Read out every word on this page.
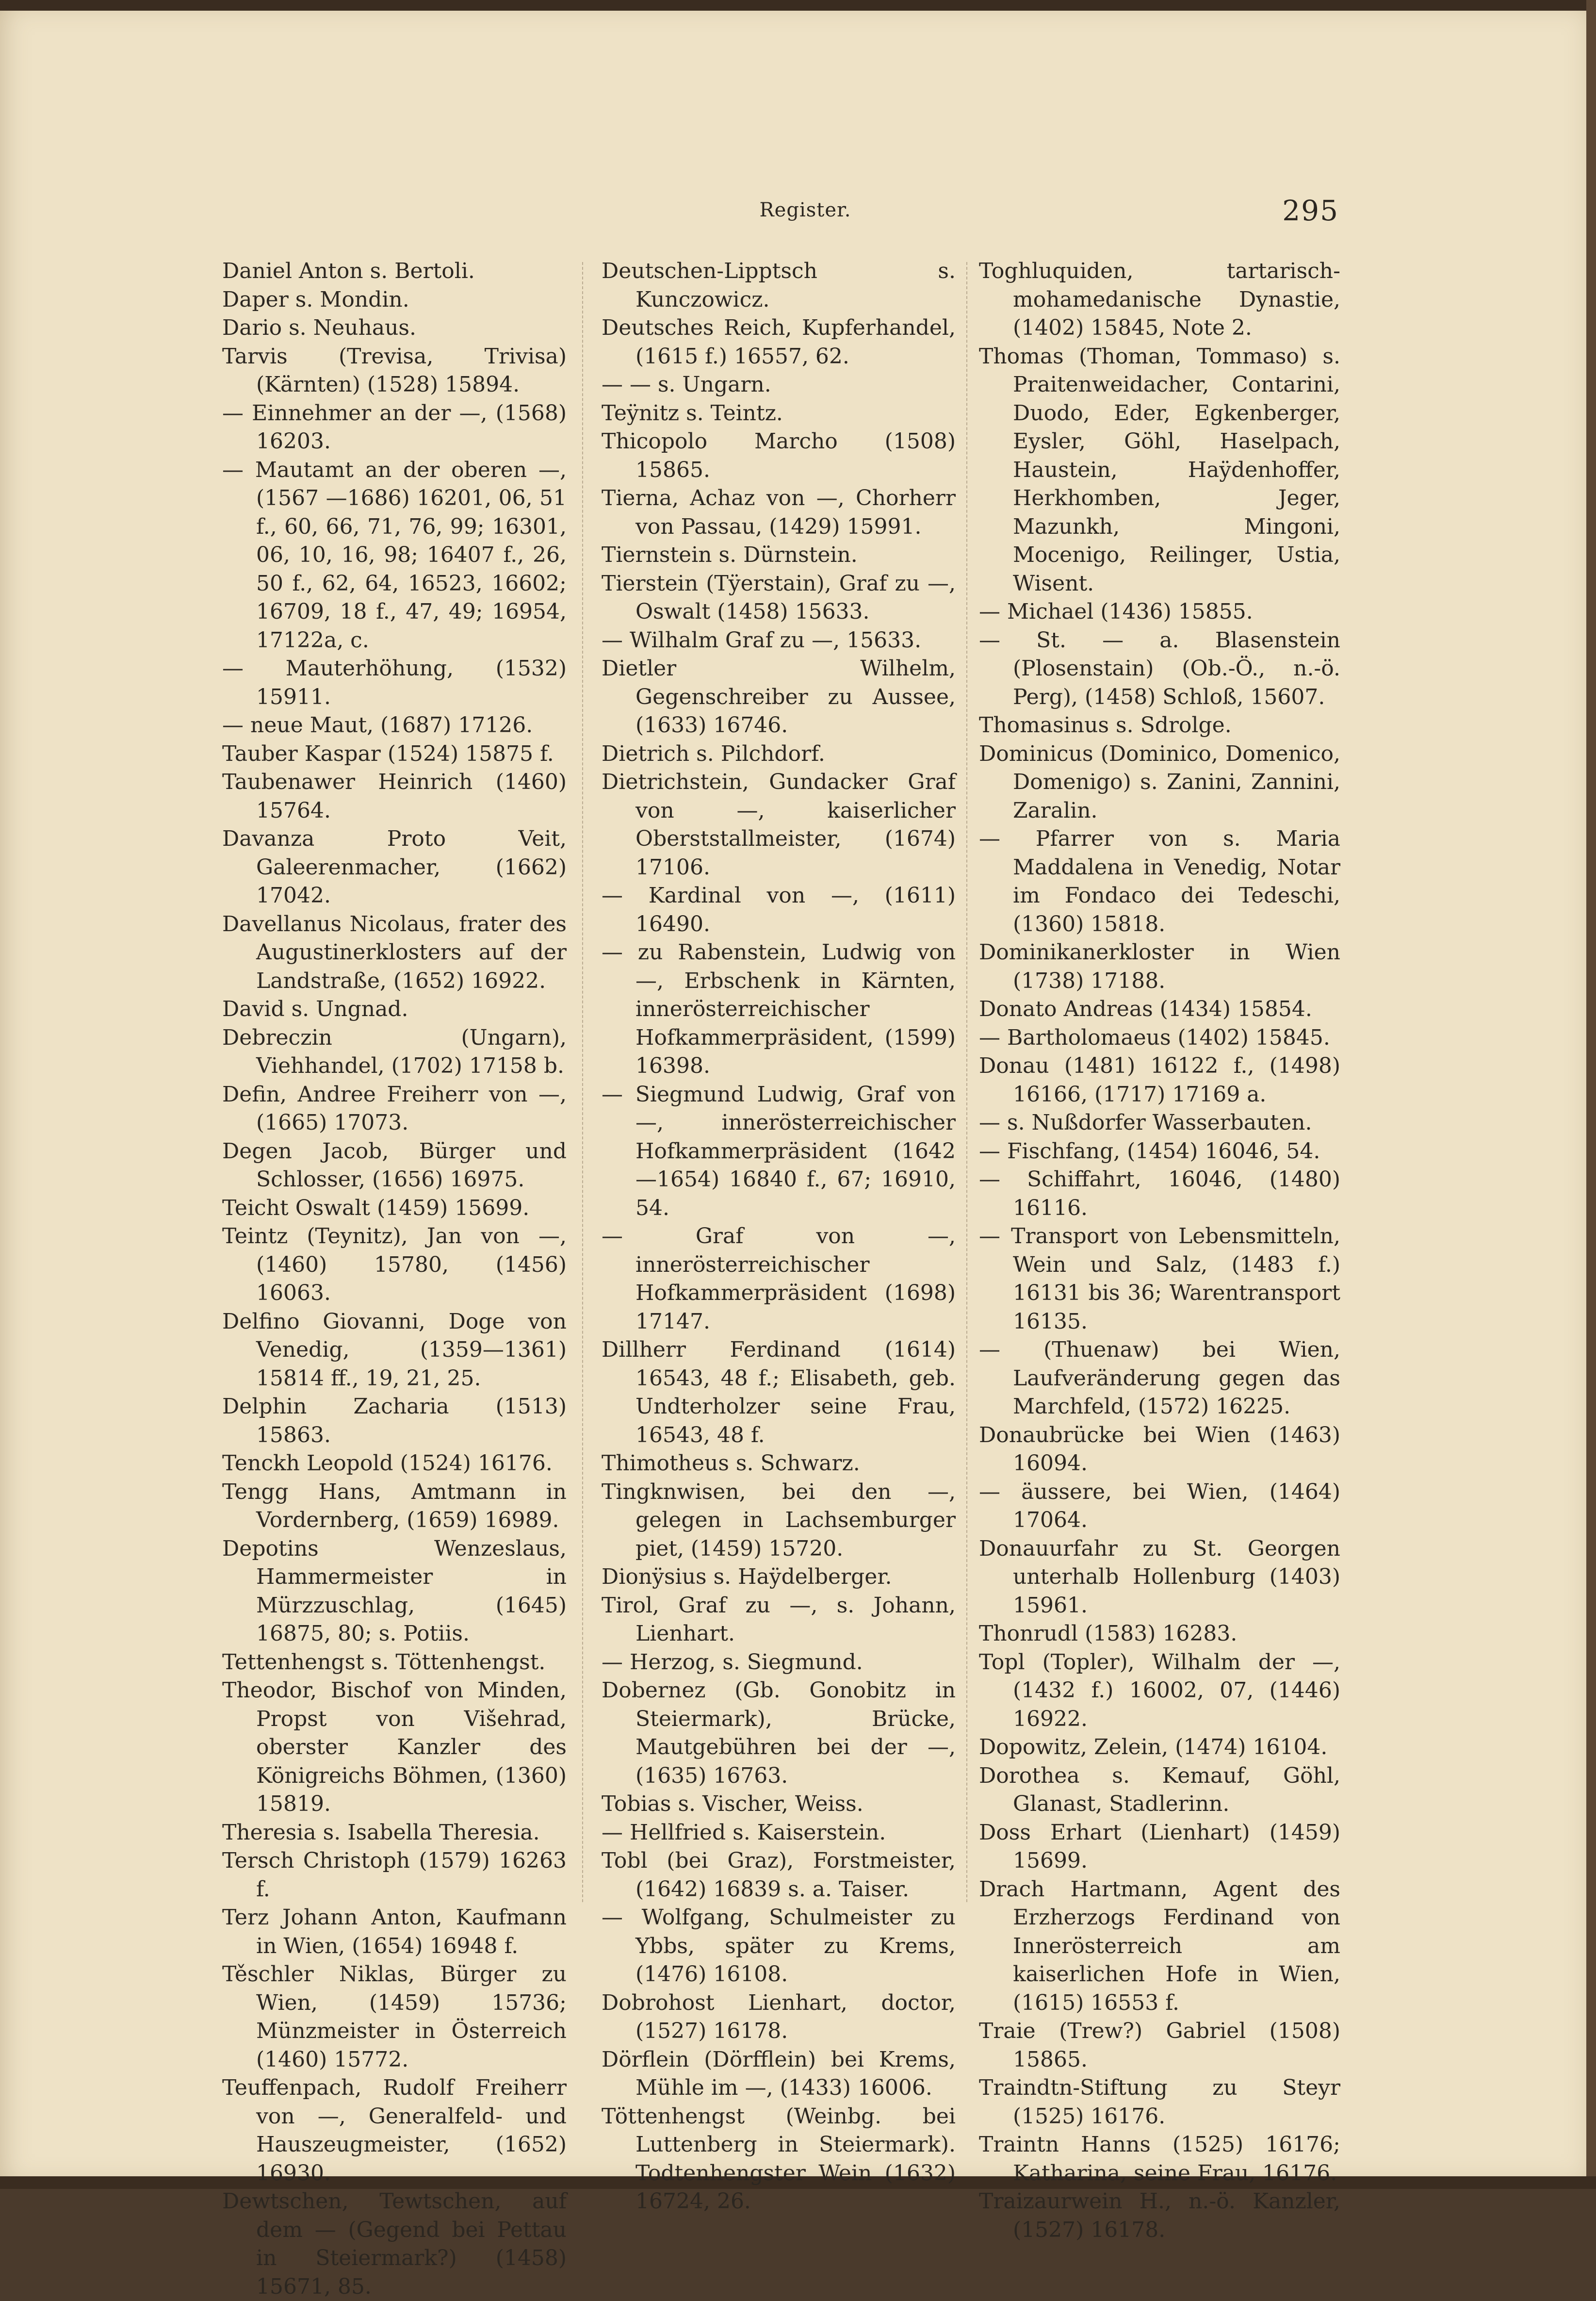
Register.	295

Daniel Anton s. Bertoli.

Daper s. Mondin.

Dario s. Neuhaus.

Tarvis (Trevisa, Trivisa) (Kärnten) (1528) 15894.

— Einnehmer an der —, (1568) 16203.

— Mautamt an der oberen —, (1567 —1686) 16201, 06, 51 f., 60, 66, 71, 76, 99; 16301, 06, 10, 16, 98; 16407 f., 26, 50 f., 62, 64, 16523, 16602; 16709, 18 f., 47, 49; 16954, 17122a, c.

— Mauterhöhung, (1532) 15911.

— neue Maut, (1687) 17126.

Tauber Kaspar (1524) 15875 f.

Taubenawer Heinrich (1460) 15764.

Davanza Proto Veit, Galeerenmacher, (1662) 17042.

Davellanus Nicolaus, frater des Augustinerklosters auf der Landstraße, (1652) 16922.

David s. Ungnad.

Debreczin (Ungarn), Viehhandel, (1702) 17158 b.

Defin, Andree Freiherr von —, (1665) 17073.

Degen Jacob, Bürger und Schlosser, (1656) 16975.

Teicht Oswalt (1459) 15699.

Teintz (Teynitz), Jan von —, (1460) 15780, (1456) 16063.

Delfino Giovanni, Doge von Venedig, (1359—1361) 15814 ff., 19, 21, 25.

Delphin Zacharia (1513) 15863.

Tenckh Leopold (1524) 16176.

Tengg Hans, Amtmann in Vordernberg, (1659) 16989.

Depotins Wenzeslaus, Hammermeister in Mürzzuschlag, (1645) 16875, 80; s. Potiis.

Tettenhengst s. Töttenhengst.

Theodor, Bischof von Minden, Propst von Višehrad, oberster Kanzler des Königreichs Böhmen, (1360) 15819.

Theresia s. Isabella Theresia.

Tersch Christoph (1579) 16263 f.

Terz Johann Anton, Kaufmann in Wien, (1654) 16948 f.

Těschler Niklas, Bürger zu Wien, (1459) 15736; Münzmeister in Österreich (1460) 15772.

Teuffenpach, Rudolf Freiherr von —, Generalfeld- und Hauszeugmeister, (1652) 16930.

Dewtschen, Tewtschen, auf dem — (Gegend bei Pettau in Steiermark?) (1458) 15671, 85.

Deutschen-Lipptsch s. Kunczowicz.

Deutsches Reich, Kupferhandel, (1615 f.) 16557, 62.

— — s. Ungarn.

Teÿnitz s. Teintz.

Thicopolo Marcho (1508) 15865.

Tierna, Achaz von —, Chorherr von Passau, (1429) 15991.

Tiernstein s. Dürnstein.

Tierstein (Tÿerstain), Graf zu —, Oswalt (1458) 15633.

— Wilhalm Graf zu —, 15633.

Dietler Wilhelm, Gegenschreiber zu Aussee, (1633) 16746.

Dietrich s. Pilchdorf.

Dietrichstein, Gundacker Graf von —, kaiserlicher Oberststallmeister, (1674) 17106.

— Kardinal von —, (1611) 16490.

— zu Rabenstein, Ludwig von —, Erbschenk in Kärnten, innerösterreichischer Hofkammerpräsident, (1599) 16398.

— Siegmund Ludwig, Graf von —, innerösterreichischer Hofkammerpräsident (1642—1654) 16840 f., 67; 16910, 54.

— Graf von —, innerösterreichischer Hofkammerpräsident (1698) 17147.

Dillherr Ferdinand (1614) 16543, 48 f.; Elisabeth, geb. Undterholzer seine Frau, 16543, 48 f.

Thimotheus s. Schwarz.

Tingknwisen, bei den —, gelegen in Lachsemburger piet, (1459) 15720.

Dionÿsius s. Haÿdelberger.

Tirol, Graf zu —, s. Johann, Lienhart.

— Herzog, s. Siegmund.

Dobernez (Gb. Gonobitz in Steiermark), Brücke, Mautgebühren bei der —, (1635) 16763.

Tobias s. Vischer, Weiss.

— Hellfried s. Kaiserstein.

Tobl (bei Graz), Forstmeister, (1642) 16839 s. a. Taiser.

— Wolfgang, Schulmeister zu Ybbs, später zu Krems, (1476) 16108.

Dobrohost Lienhart, doctor, (1527) 16178.

Dörflein (Dörfflein) bei Krems, Mühle im —, (1433) 16006.

Töttenhengst (Weinbg. bei Luttenberg in Steiermark). Todtenhengster Wein (1632) 16724, 26.

Toghluquiden, tartarisch-mohamedanische Dynastie, (1402) 15845, Note 2.

Thomas (Thoman, Tommaso) s. Praitenweidacher, Contarini, Duodo, Eder, Egkenberger, Eysler, Göhl, Haselpach, Haustein, Haÿdenhoffer, Herkhomben, Jeger, Mazunkh, Mingoni, Mocenigo, Reilinger, Ustia, Wisent.

— Michael (1436) 15855.

— St. — a. Blasenstein (Plosenstain) (Ob.-Ö., n.-ö. Perg), (1458) Schloß, 15607.

Thomasinus s. Sdrolge.

Dominicus (Dominico, Domenico, Domenigo) s. Zanini, Zannini, Zaralin.

— Pfarrer von s. Maria Maddalena in Venedig, Notar im Fondaco dei Tedeschi, (1360) 15818.

Dominikanerkloster in Wien (1738) 17188.

Donato Andreas (1434) 15854.

— Bartholomaeus (1402) 15845.

Donau (1481) 16122 f., (1498) 16166, (1717) 17169 a.

— s. Nußdorfer Wasserbauten.

— Fischfang, (1454) 16046, 54.

— Schiffahrt, 16046, (1480) 16116.

— Transport von Lebensmitteln, Wein und Salz, (1483 f.) 16131 bis 36; Warentransport 16135.

— (Thuenaw) bei Wien, Laufveränderung gegen das Marchfeld, (1572) 16225.

Donaubrücke bei Wien (1463) 16094.

— äussere, bei Wien, (1464) 17064.

Donauurfahr zu St. Georgen unterhalb Hollenburg (1403) 15961.

Thonrudl (1583) 16283.

Topl (Topler), Wilhalm der —, (1432 f.) 16002, 07, (1446) 16922.

Dopowitz, Zelein, (1474) 16104.

Dorothea s. Kemauf, Göhl, Glanast, Stadlerinn.

Doss Erhart (Lienhart) (1459) 15699.

Drach Hartmann, Agent des Erzherzogs Ferdinand von Innerösterreich am kaiserlichen Hofe in Wien, (1615) 16553 f.

Traie (Trew?) Gabriel (1508) 15865.

Traindtn-Stiftung zu Steyr (1525) 16176.

Traintn Hanns (1525) 16176; Katharina, seine Frau, 16176.

Traizaurwein H., n.-ö. Kanzler, (1527) 16178.
